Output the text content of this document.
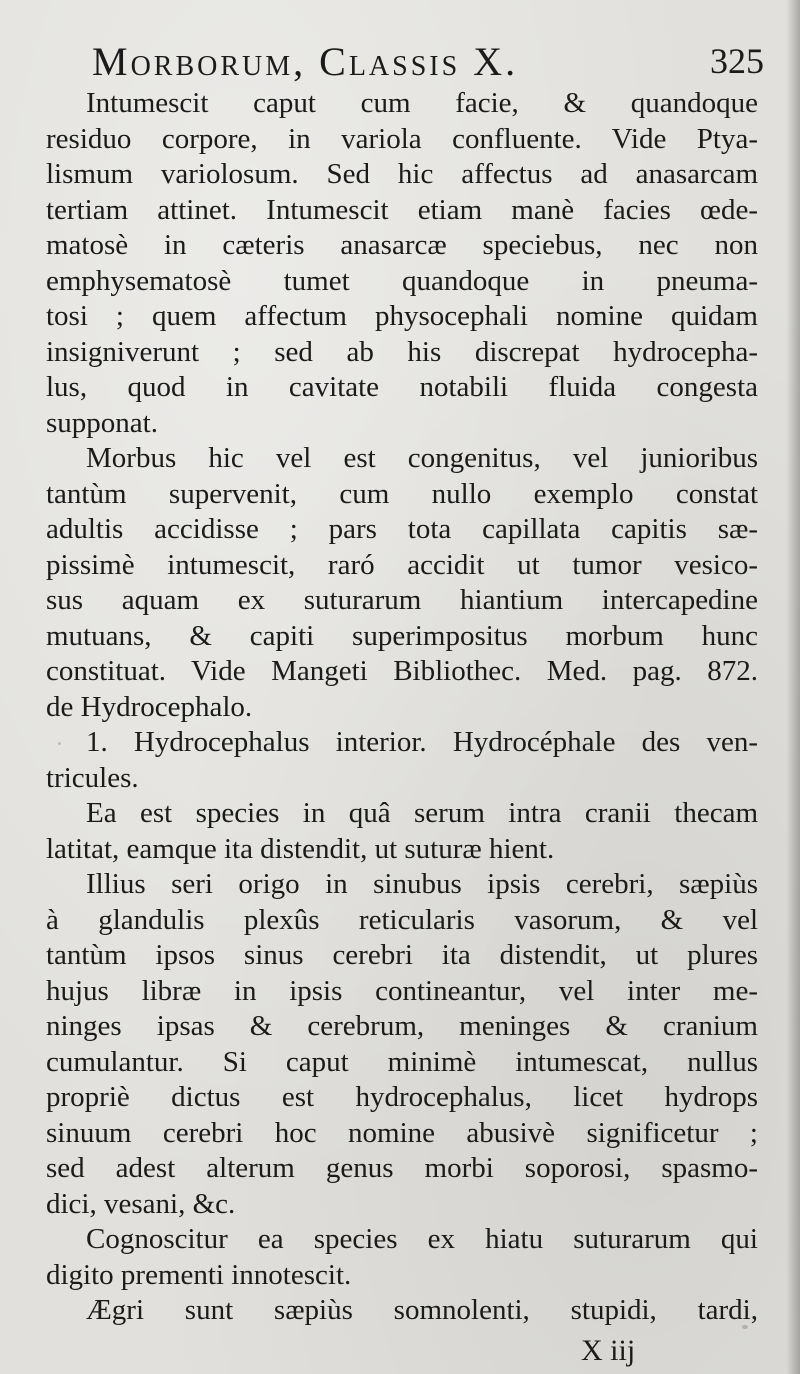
Morborum, Classis X.	325
Intumescit caput cum facie, & quandoque
residuo corpore, in variola confluente. Vide Ptya-
lismum variolosum. Sed hic affectus ad anasarcam
tertiam attinet. Intumescit etiam manè facies œde-
matosè in cæteris anasarcæ speciebus, nec non
emphysematosè tumet quandoque in pneuma-
tosi ; quem affectum physocephali nomine quidam
insigniverunt ; sed ab his discrepat hydrocepha-
lus, quod in cavitate notabili fluida congesta
supponat.
Morbus hic vel est congenitus, vel junioribus
tantùm supervenit, cum nullo exemplo constat
adultis accidisse ; pars tota capillata capitis sæ-
pissimè intumescit, raró accidit ut tumor vesico-
sus aquam ex suturarum hiantium intercapedine
mutuans, & capiti superimpositus morbum hunc
constituat. Vide Mangeti Bibliothec. Med. pag. 872.
de Hydrocephalo.
1. Hydrocephalus interior. Hydrocéphale des ven-
tricules.
Ea est species in quâ serum intra cranii thecam
latitat, eamque ita distendit, ut suturæ hient.
Illius seri origo in sinubus ipsis cerebri, sæpiùs
à glandulis plexûs reticularis vasorum, & vel
tantùm ipsos sinus cerebri ita distendit, ut plures
hujus libræ in ipsis contineantur, vel inter me-
ninges ipsas & cerebrum, meninges & cranium
cumulantur. Si caput minimè intumescat, nullus
propriè dictus est hydrocephalus, licet hydrops
sinuum cerebri hoc nomine abusivè significetur ;
sed adest alterum genus morbi soporosi, spasmo-
dici, vesani, &c.
Cognoscitur ea species ex hiatu suturarum qui
digito prementi innotescit.
Ægri sunt sæpiùs somnolenti, stupidi, tardi,
X iij
